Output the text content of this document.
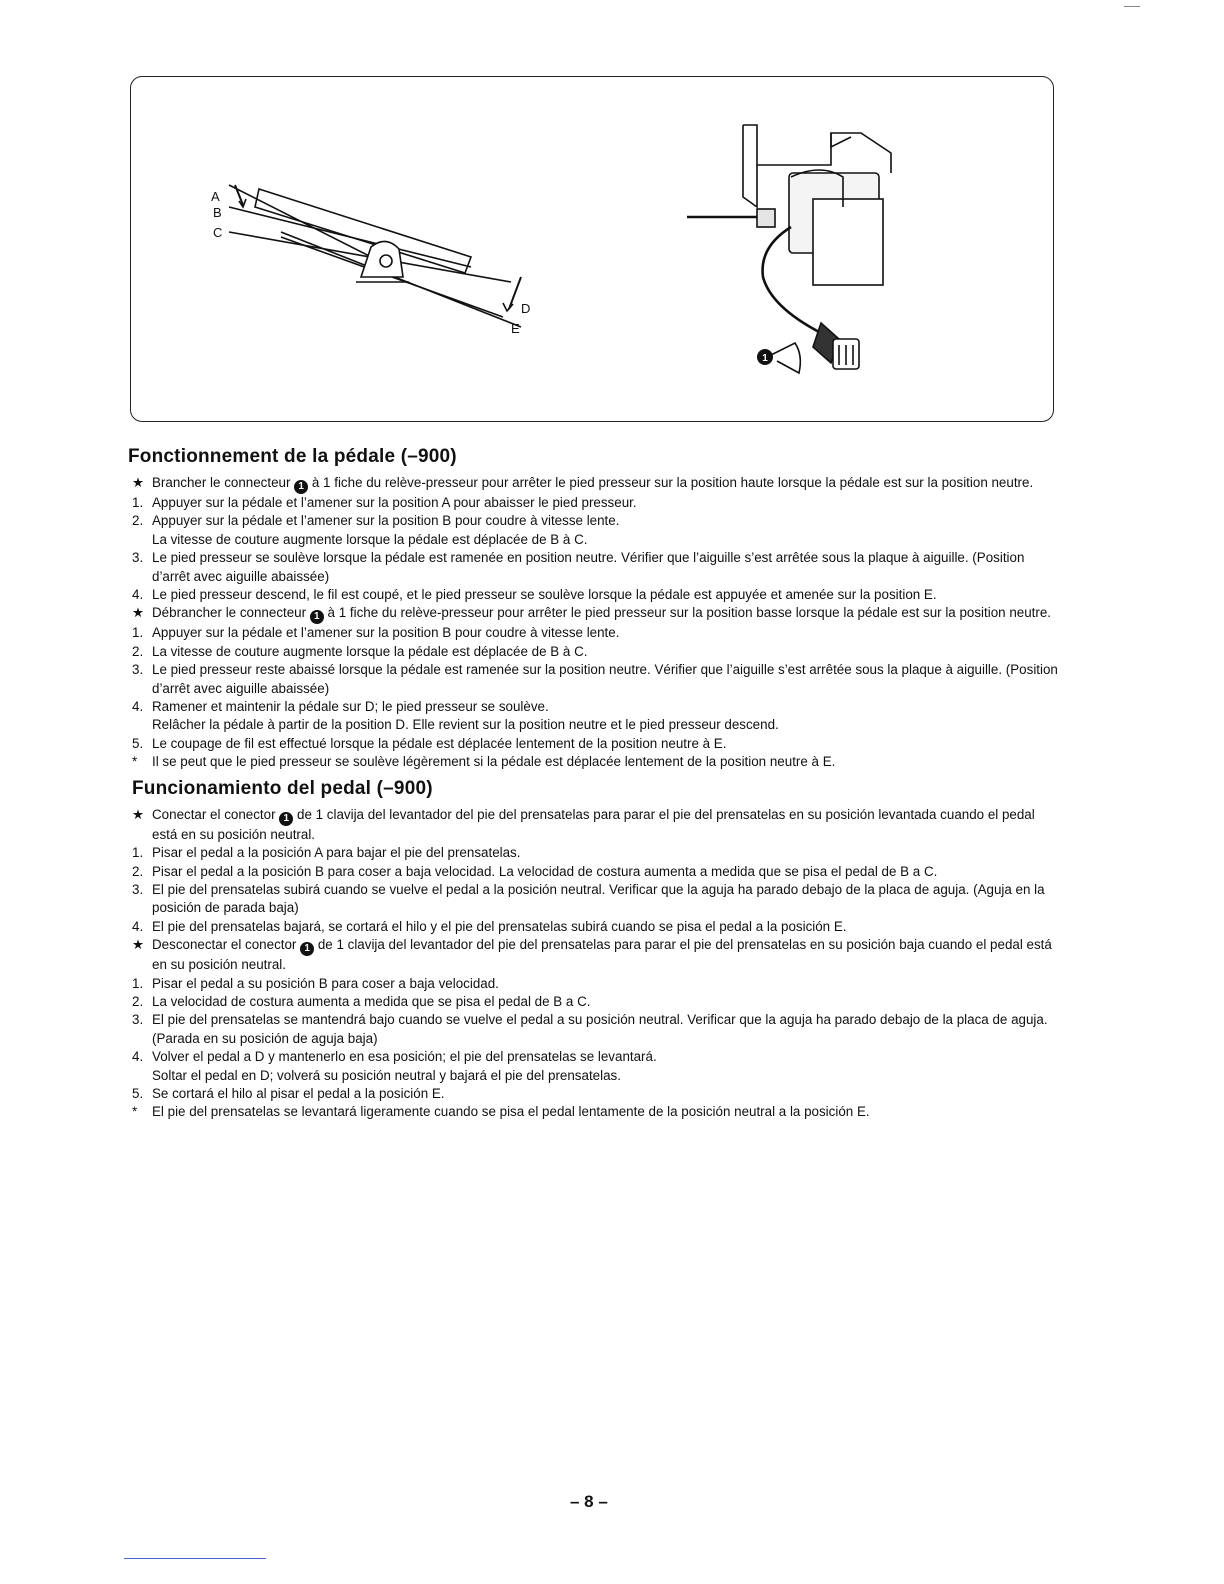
A
B
C
D
E
1
Fonctionnement de la pédale (–900)
★ Brancher le connecteur 1 à 1 fiche du relève-presseur pour arrêter le pied presseur sur la position haute lorsque la pédale est sur la position neutre.
1. Appuyer sur la pédale et l’amener sur la position A pour abaisser le pied presseur.
2. Appuyer sur la pédale et l’amener sur la position B pour coudre à vitesse lente.
La vitesse de couture augmente lorsque la pédale est déplacée de B à C.
3. Le pied presseur se soulève lorsque la pédale est ramenée en position neutre. Vérifier que l’aiguille s’est arrêtée sous la plaque à aiguille. (Position d’arrêt avec aiguille abaissée)
4. Le pied presseur descend, le fil est coupé, et le pied presseur se soulève lorsque la pédale est appuyée et amenée sur la position E.
★ Débrancher le connecteur 1 à 1 fiche du relève-presseur pour arrêter le pied presseur sur la position basse lorsque la pédale est sur la position neutre.
1. Appuyer sur la pédale et l’amener sur la position B pour coudre à vitesse lente.
2. La vitesse de couture augmente lorsque la pédale est déplacée de B à C.
3. Le pied presseur reste abaissé lorsque la pédale est ramenée sur la position neutre. Vérifier que l’aiguille s’est arrêtée sous la plaque à aiguille. (Position d’arrêt avec aiguille abaissée)
4. Ramener et maintenir la pédale sur D; le pied presseur se soulève.
Relâcher la pédale à partir de la position D. Elle revient sur la position neutre et le pied presseur descend.
5. Le coupage de fil est effectué lorsque la pédale est déplacée lentement de la position neutre à E.
*	Il se peut que le pied presseur se soulève légèrement si la pédale est déplacée lentement de la position neutre à E.
Funcionamiento del pedal (–900)
★ Conectar el conector 1 de 1 clavija del levantador del pie del prensatelas para parar el pie del prensatelas en su posición levantada cuando el pedal está en su posición neutral.
1. Pisar el pedal a la posición A para bajar el pie del prensatelas.
2. Pisar el pedal a la posición B para coser a baja velocidad. La velocidad de costura aumenta a medida que se pisa el pedal de B a C.
3. El pie del prensatelas subirá cuando se vuelve el pedal a la posición neutral. Verificar que la aguja ha parado debajo de la placa de aguja. (Aguja en la posición de parada baja)
4. El pie del prensatelas bajará, se cortará el hilo y el pie del prensatelas subirá cuando se pisa el pedal a la posición E.
★ Desconectar el conector 1 de 1 clavija del levantador del pie del prensatelas para parar el pie del prensatelas en su posición baja cuando el pedal está en su posición neutral.
1. Pisar el pedal a su posición B para coser a baja velocidad.
2. La velocidad de costura aumenta a medida que se pisa el pedal de B a C.
3. El pie del prensatelas se mantendrá bajo cuando se vuelve el pedal a su posición neutral. Verificar que la aguja ha parado debajo de la placa de aguja. (Parada en su posición de aguja baja)
4. Volver el pedal a D y mantenerlo en esa posición; el pie del prensatelas se levantará.
Soltar el pedal en D; volverá su posición neutral y bajará el pie del prensatelas.
5. Se cortará el hilo al pisar el pedal a la posición E.
*	El pie del prensatelas se levantará ligeramente cuando se pisa el pedal lentamente de la posición neutral a la posición E.
– 8 –
